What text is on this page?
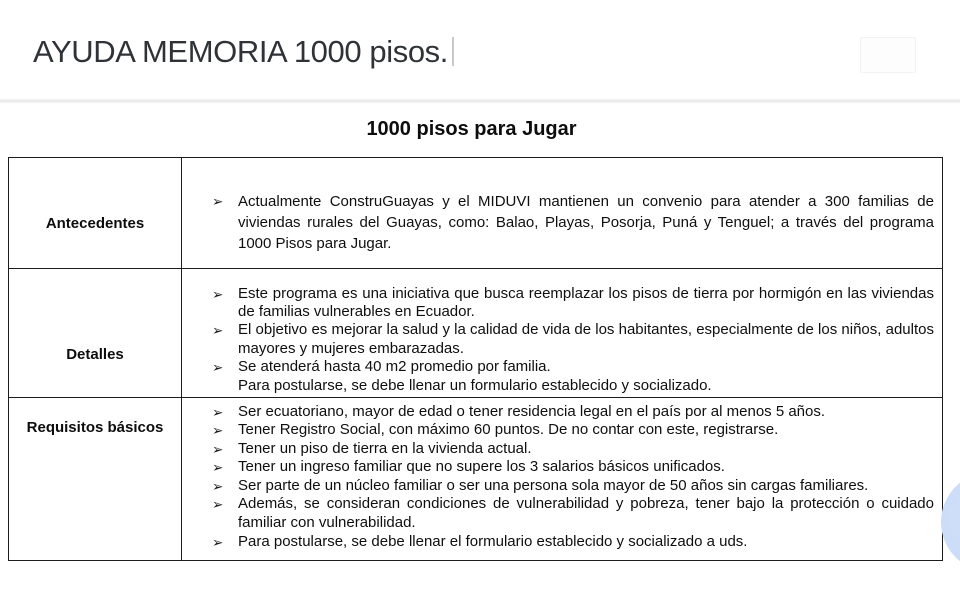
AYUDA MEMORIA 1000 pisos.
1000 pisos para Jugar
Antecedentes
➢ Actualmente ConstruGuayas y el MIDUVI mantienen un convenio para atender a 300 familias de viviendas rurales del Guayas, como: Balao, Playas, Posorja, Puná y Tenguel; a través del programa 1000 Pisos para Jugar.
Detalles
➢ Este programa es una iniciativa que busca reemplazar los pisos de tierra por hormigón en las viviendas de familias vulnerables en Ecuador.
➢ El objetivo es mejorar la salud y la calidad de vida de los habitantes, especialmente de los niños, adultos mayores y mujeres embarazadas.
➢ Se atenderá hasta 40 m2 promedio por familia.
Para postularse, se debe llenar un formulario establecido y socializado.
Requisitos básicos
➢ Ser ecuatoriano, mayor de edad o tener residencia legal en el país por al menos 5 años.
➢ Tener Registro Social, con máximo 60 puntos. De no contar con este, registrarse.
➢ Tener un piso de tierra en la vivienda actual.
➢ Tener un ingreso familiar que no supere los 3 salarios básicos unificados.
➢ Ser parte de un núcleo familiar o ser una persona sola mayor de 50 años sin cargas familiares.
➢ Además, se consideran condiciones de vulnerabilidad y pobreza, tener bajo la protección o cuidado familiar con vulnerabilidad.
➢ Para postularse, se debe llenar el formulario establecido y socializado a uds.
